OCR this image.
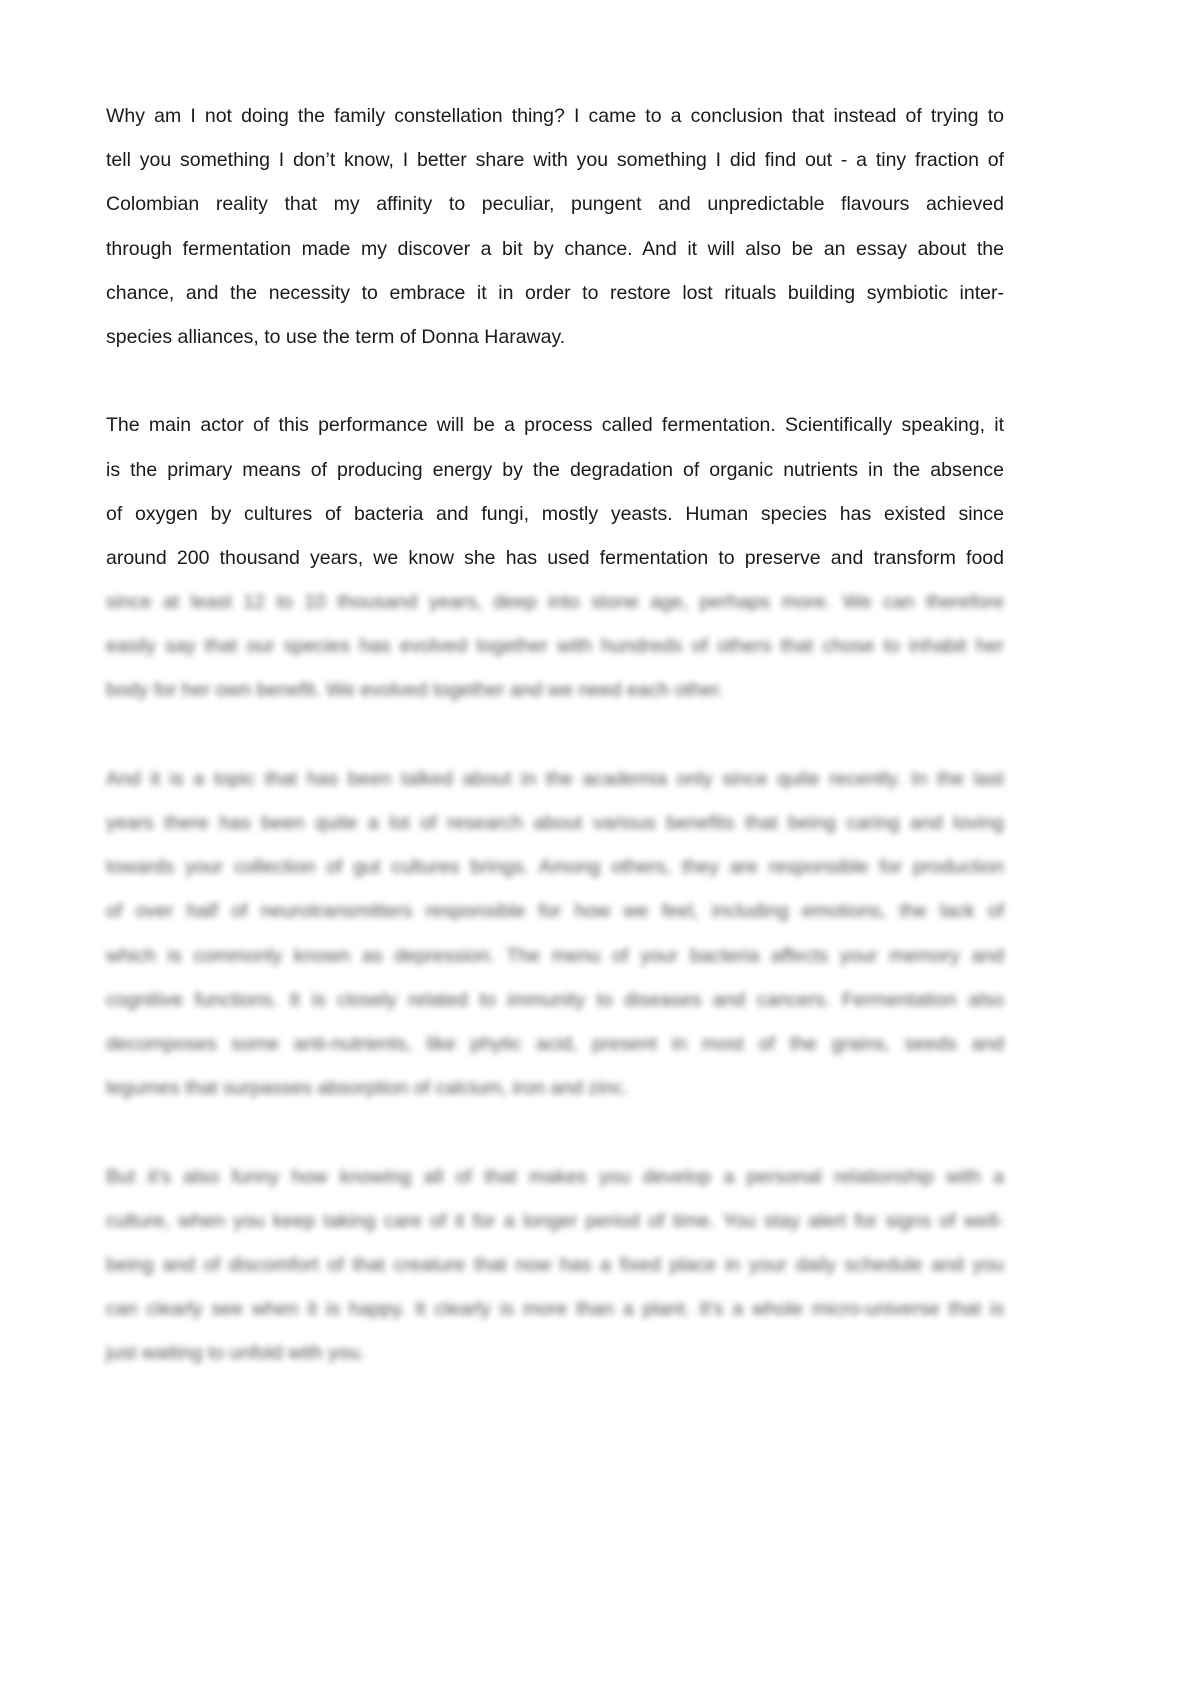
Why am I not doing the family constellation thing? I came to a conclusion that instead of trying to
tell you something I don’t know, I better share with you something I did find out - a tiny fraction of
Colombian reality that my affinity to peculiar, pungent and unpredictable flavours achieved
through fermentation made my discover a bit by chance. And it will also be an essay about the
chance, and the necessity to embrace it in order to restore lost rituals building symbiotic inter-
species alliances, to use the term of Donna Haraway.
The main actor of this performance will be a process called fermentation. Scientifically speaking, it
is the primary means of producing energy by the degradation of organic nutrients in the absence
of oxygen by cultures of bacteria and fungi, mostly yeasts. Human species has existed since
around 200 thousand years, we know she has used fermentation to preserve and transform food
since at least 12 to 10 thousand years, deep into stone age, perhaps more. We can therefore
easily say that our species has evolved together with hundreds of others that chose to inhabit her
body for her own benefit. We evolved together and we need each other.
And it is a topic that has been talked about in the academia only since quite recently. In the last
years there has been quite a lot of research about various benefits that being caring and loving
towards your collection of gut cultures brings. Among others, they are responsible for production
of over half of neurotransmitters responsible for how we feel, including emotions, the lack of
which is commonly known as depression. The menu of your bacteria affects your memory and
cognitive functions. It is closely related to immunity to diseases and cancers. Fermentation also
decomposes some anti-nutrients, like phytic acid, present in most of the grains, seeds and
legumes that surpasses absorption of calcium, iron and zinc.
But it's also funny how knowing all of that makes you develop a personal relationship with a
culture, when you keep taking care of it for a longer period of time. You stay alert for signs of well-
being and of discomfort of that creature that now has a fixed place in your daily schedule and you
can clearly see when it is happy. It clearly is more than a plant. It's a whole micro-universe that is
just waiting to unfold with you.
